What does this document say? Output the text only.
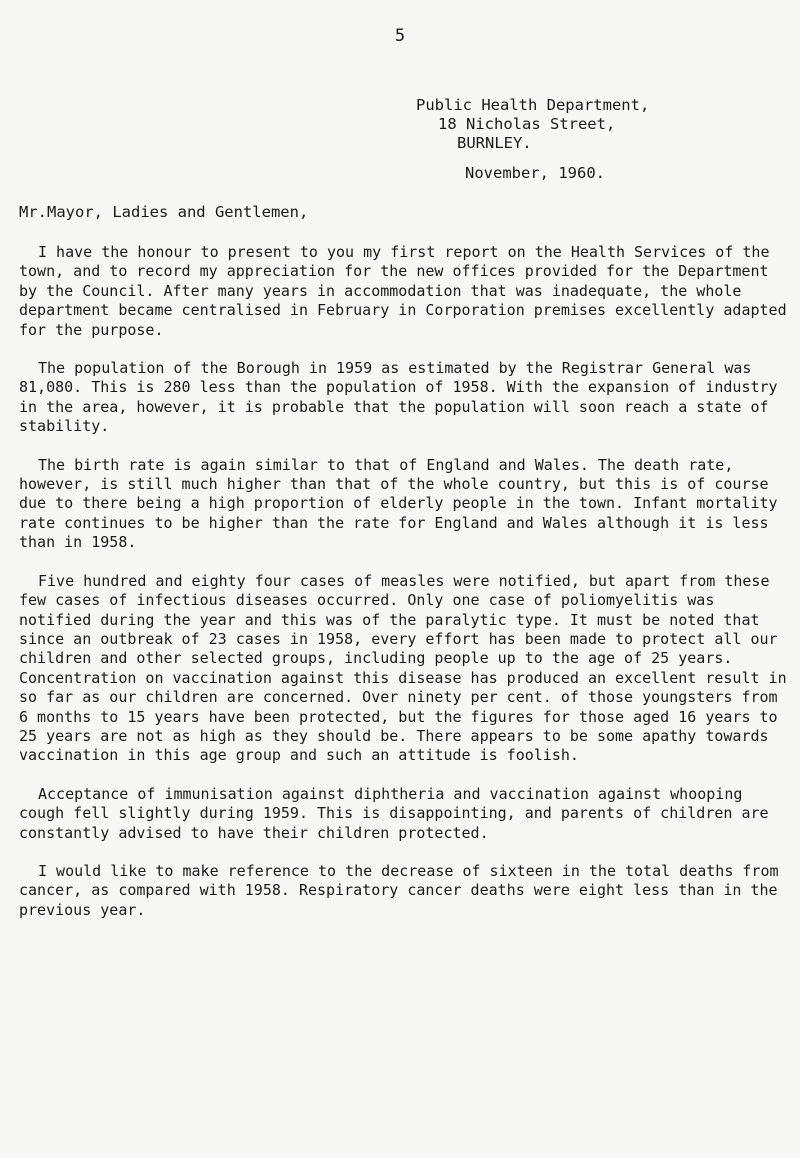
5
Public Health Department,
18 Nicholas Street,
BURNLEY.
November, 1960.
Mr.Mayor, Ladies and Gentlemen,

I have the honour to present to you my first report on the Health Services of the town, and to record my appreciation for the new offices provided for the Department by the Council. After many years in accommodation that was inadequate, the whole department became centralised in February in Corporation premises excellently adapted for the purpose.

The population of the Borough in 1959 as estimated by the Registrar General was 81,080. This is 280 less than the population of 1958. With the expansion of industry in the area, however, it is probable that the population will soon reach a state of stability.

The birth rate is again similar to that of England and Wales. The death rate, however, is still much higher than that of the whole country, but this is of course due to there being a high proportion of elderly people in the town. Infant mortality rate continues to be higher than the rate for England and Wales although it is less than in 1958.

Five hundred and eighty four cases of measles were notified, but apart from these few cases of infectious diseases occurred. Only one case of poliomyelitis was notified during the year and this was of the paralytic type. It must be noted that since an outbreak of 23 cases in 1958, every effort has been made to protect all our children and other selected groups, including people up to the age of 25 years. Concentration on vaccination against this disease has produced an excellent result in so far as our children are concerned. Over ninety per cent. of those youngsters from 6 months to 15 years have been protected, but the figures for those aged 16 years to 25 years are not as high as they should be. There appears to be some apathy towards vaccination in this age group and such an attitude is foolish.

Acceptance of immunisation against diphtheria and vaccination against whooping cough fell slightly during 1959. This is disappointing, and parents of children are constantly advised to have their children protected.

I would like to make reference to the decrease of sixteen in the total deaths from cancer, as compared with 1958. Respiratory cancer deaths were eight less than in the previous year.
